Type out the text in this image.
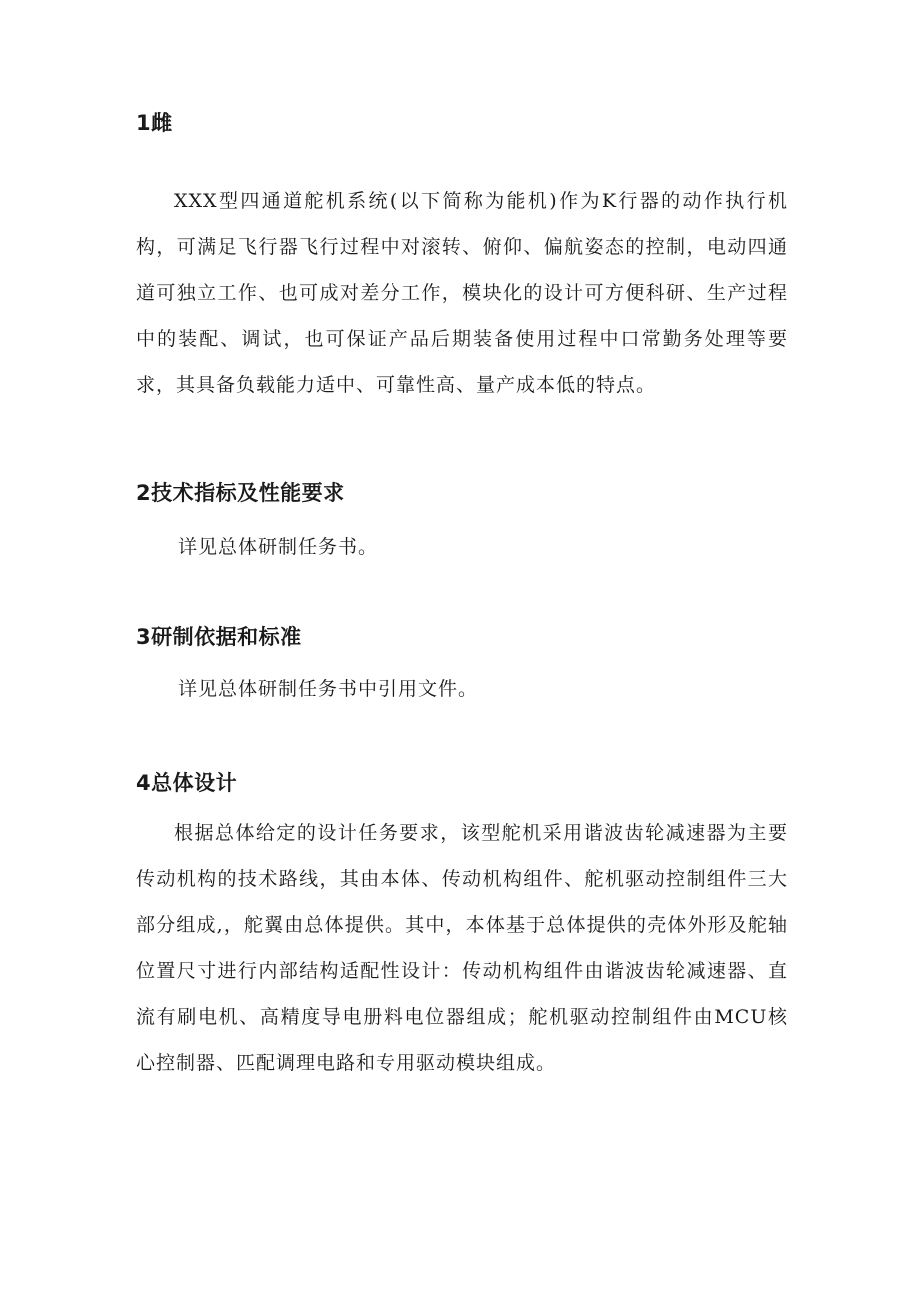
1雌

XXX型四通道舵机系统(以下简称为能机)作为K行器的动作执行机构，可满足飞行器飞行过程中对滚转、俯仰、偏航姿态的控制，电动四通道可独立工作、也可成对差分工作，模块化的设计可方便科研、生产过程中的装配、调试，也可保证产品后期装备使用过程中口常勤务处理等要求，其具备负载能力适中、可靠性高、量产成本低的特点。

2技术指标及性能要求

详见总体研制任务书。

3研制依据和标准

详见总体研制任务书中引用文件。

4总体设计

根据总体给定的设计任务要求，该型舵机采用谐波齿轮减速器为主要传动机构的技术路线，其由本体、传动机构组件、舵机驱动控制组件三大部分组成,，舵翼由总体提供。其中，本体基于总体提供的壳体外形及舵轴位置尺寸进行内部结构适配性设计：传动机构组件由谐波齿轮减速器、直流有刷电机、高精度导电册料电位器组成；舵机驱动控制组件由MCU核心控制器、匹配调理电路和专用驱动模块组成。
